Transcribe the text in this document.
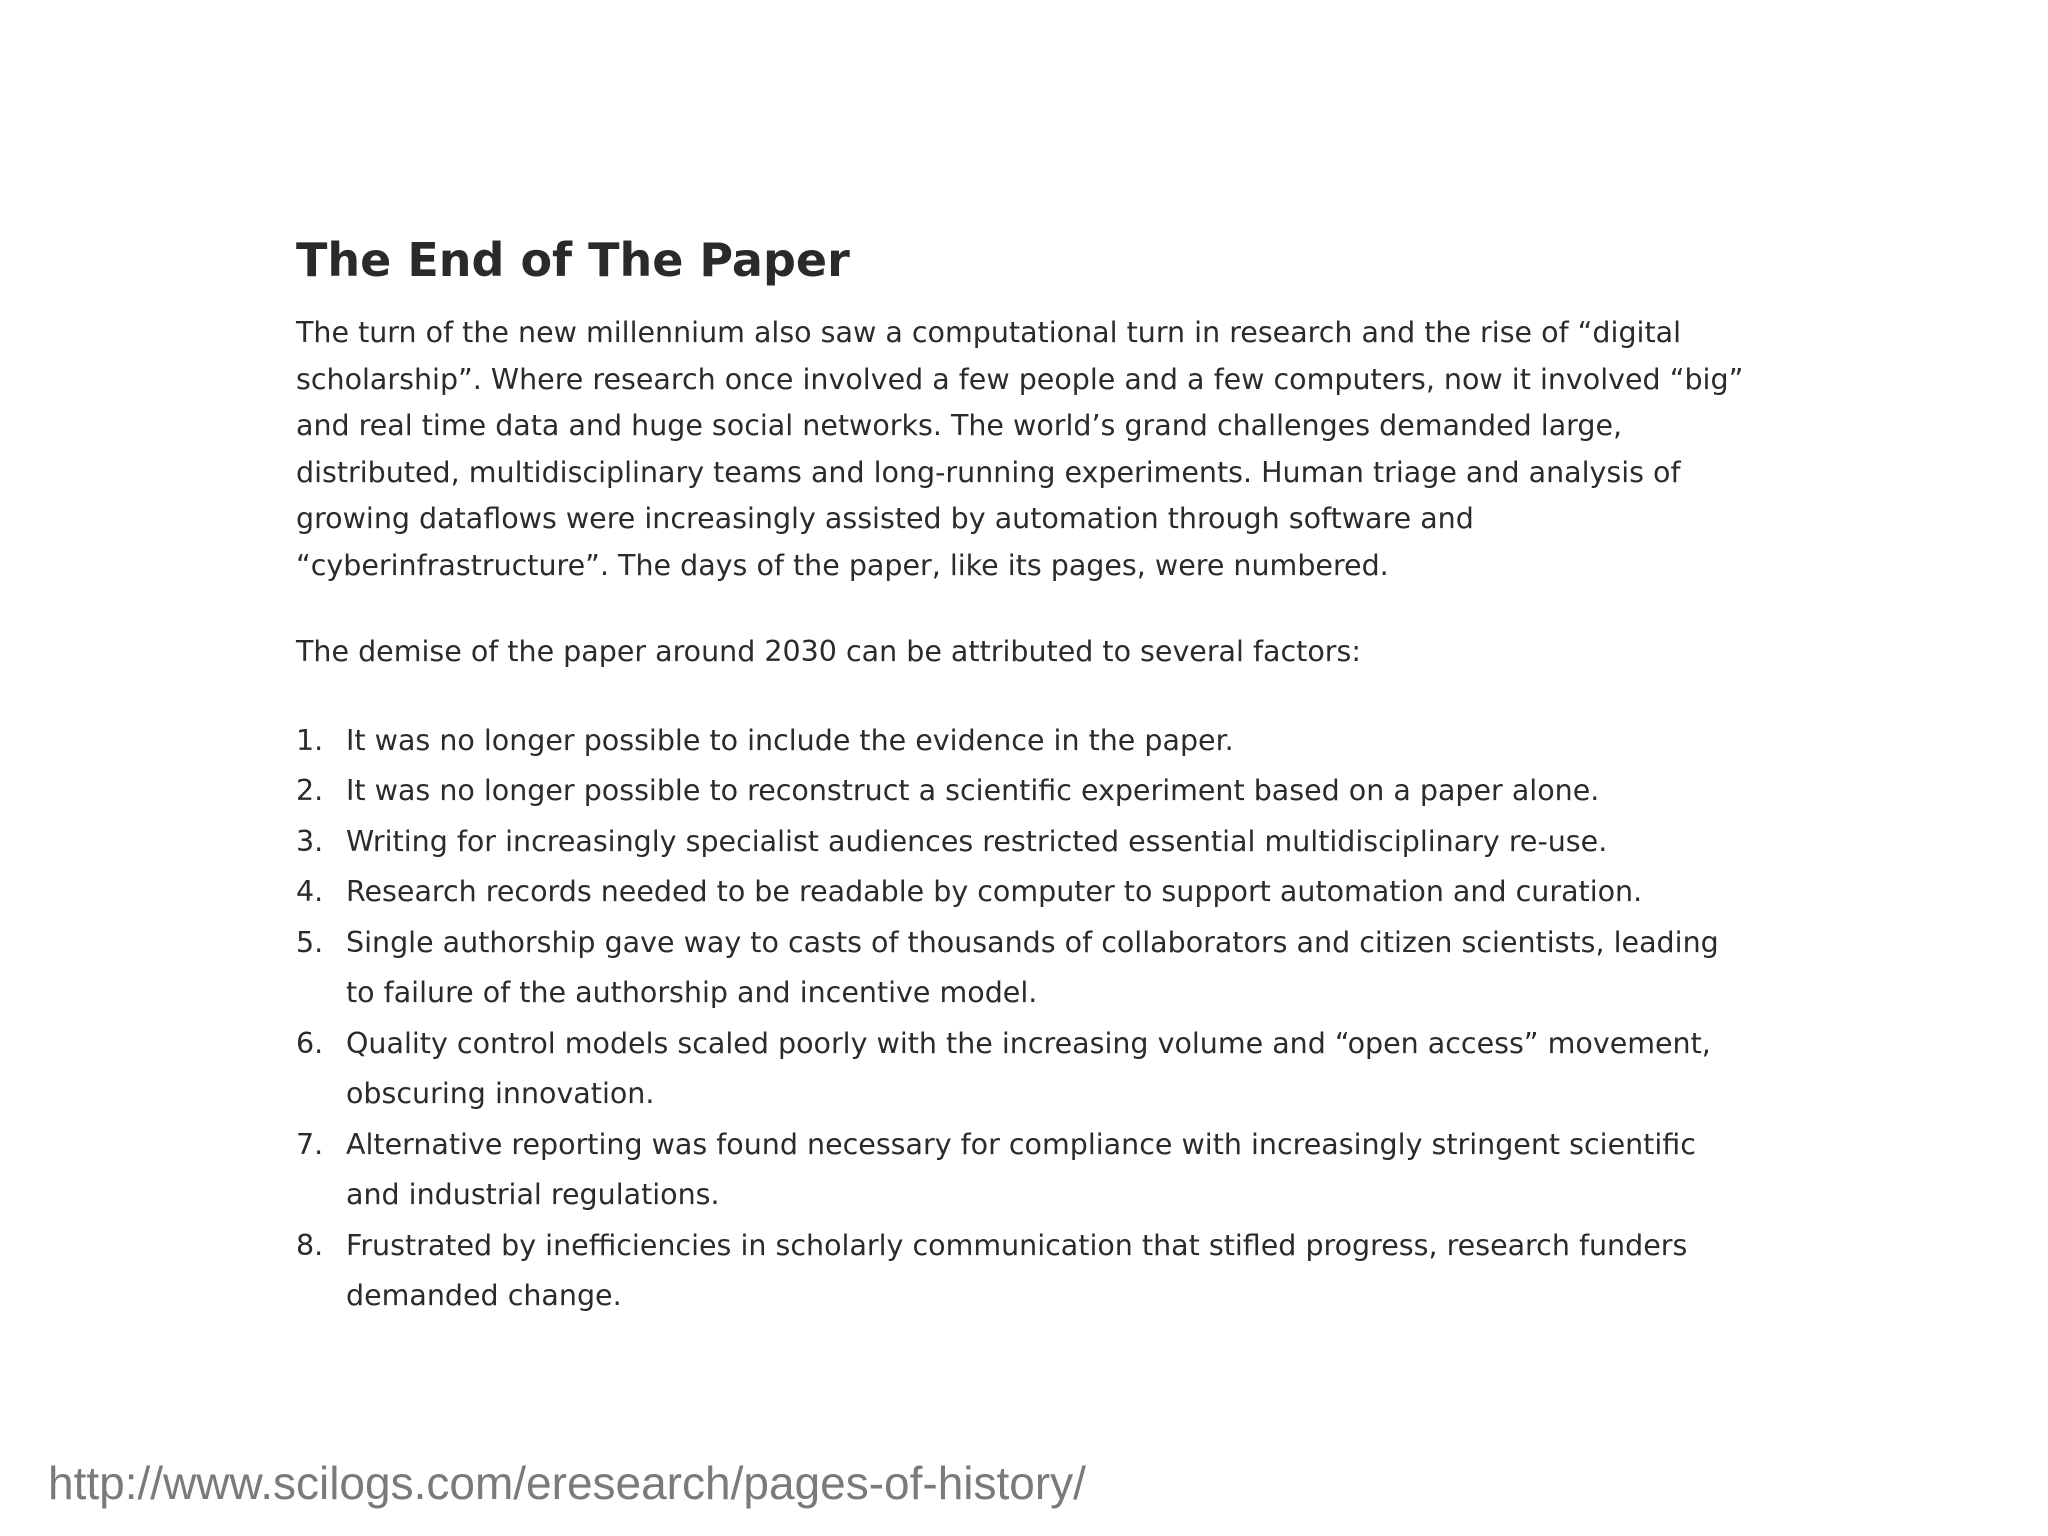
The End of The Paper

The turn of the new millennium also saw a computational turn in research and the rise of “digital
scholarship”. Where research once involved a few people and a few computers, now it involved “big”
and real time data and huge social networks. The world’s grand challenges demanded large,
distributed, multidisciplinary teams and long-running experiments. Human triage and analysis of
growing dataflows were increasingly assisted by automation through software and
“cyberinfrastructure”. The days of the paper, like its pages, were numbered.

The demise of the paper around 2030 can be attributed to several factors:

1. It was no longer possible to include the evidence in the paper.
2. It was no longer possible to reconstruct a scientific experiment based on a paper alone.
3. Writing for increasingly specialist audiences restricted essential multidisciplinary re-use.
4. Research records needed to be readable by computer to support automation and curation.
5. Single authorship gave way to casts of thousands of collaborators and citizen scientists, leading
to failure of the authorship and incentive model.
6. Quality control models scaled poorly with the increasing volume and “open access” movement,
obscuring innovation.
7. Alternative reporting was found necessary for compliance with increasingly stringent scientific
and industrial regulations.
8. Frustrated by inefficiencies in scholarly communication that stifled progress, research funders
demanded change.
http://www.scilogs.com/eresearch/pages-of-history/
